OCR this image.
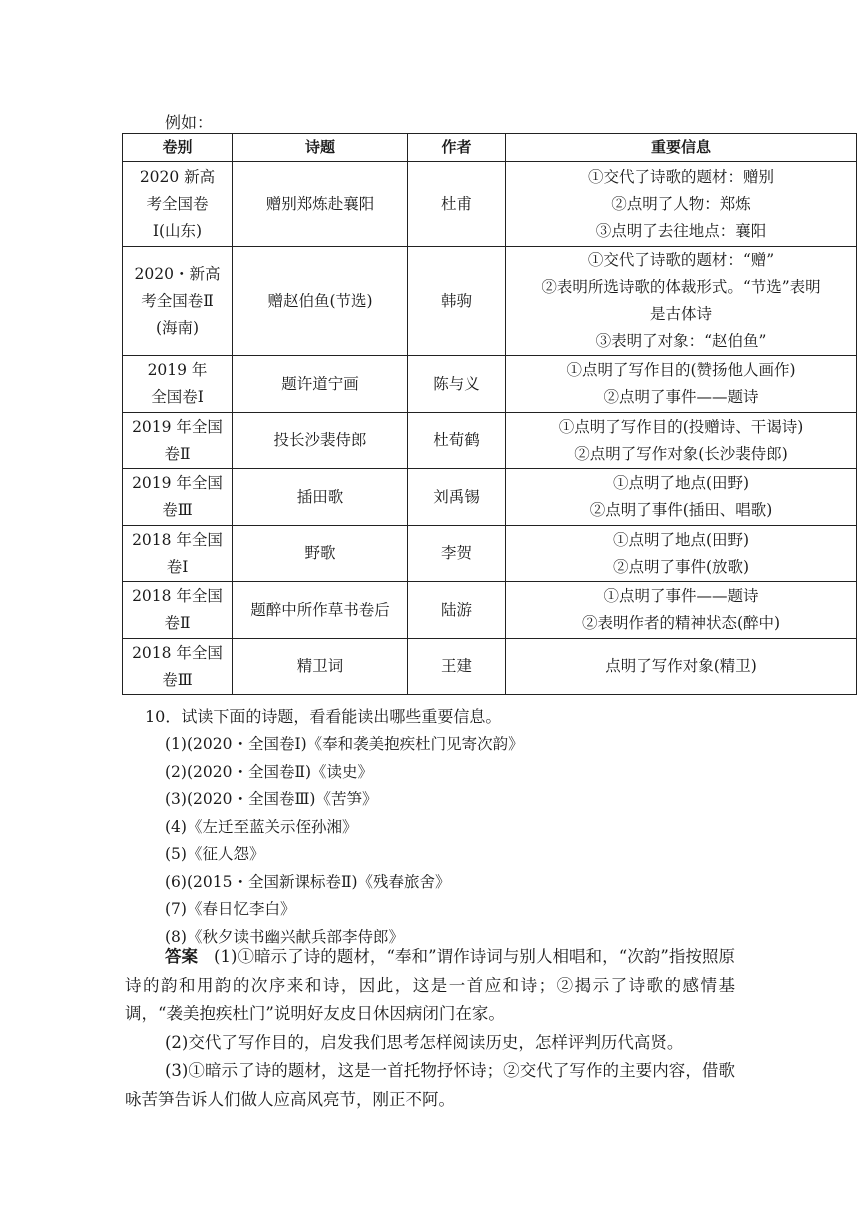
例如：
卷别	诗题	作者	重要信息

2020 新高
考全国卷
Ⅰ(山东)	赠别郑炼赴襄阳	杜甫	①交代了诗歌的题材：赠别
②点明了人物：郑炼
③点明了去往地点：襄阳

2020・新高
考全国卷Ⅱ
(海南)	赠赵伯鱼(节选)	韩驹	①交代了诗歌的题材：“赠”
②表明所选诗歌的体裁形式。“节选”表明
是古体诗
③表明了对象：“赵伯鱼”

2019 年
全国卷Ⅰ	题许道宁画	陈与义	①点明了写作目的(赞扬他人画作)
②点明了事件——题诗

2019 年全国
卷Ⅱ	投长沙裴侍郎	杜荀鹤	①点明了写作目的(投赠诗、干谒诗)
②点明了写作对象(长沙裴侍郎)

2019 年全国
卷Ⅲ	插田歌	刘禹锡	①点明了地点(田野)
②点明了事件(插田、唱歌)

2018 年全国
卷Ⅰ	野歌	李贺	①点明了地点(田野)
②点明了事件(放歌)

2018 年全国
卷Ⅱ	题醉中所作草书卷后	陆游	①点明了事件——题诗
②表明作者的精神状态(醉中)

2018 年全国
卷Ⅲ	精卫词	王建	点明了写作对象(精卫)
10．试读下面的诗题，看看能读出哪些重要信息。
(1)(2020・全国卷Ⅰ)《奉和袭美抱疾杜门见寄次韵》
(2)(2020・全国卷Ⅱ)《读史》
(3)(2020・全国卷Ⅲ)《苦笋》
(4)《左迁至蓝关示侄孙湘》
(5)《征人怨》
(6)(2015・全国新课标卷Ⅱ)《残春旅舍》
(7)《春日忆李白》
(8)《秋夕读书幽兴献兵部李侍郎》

答案 (1)①暗示了诗的题材，“奉和”谓作诗词与别人相唱和，“次韵”指按照原诗的韵和用韵的次序来和诗，因此，这是一首应和诗；②揭示了诗歌的感情基调，“袭美抱疾杜门”说明好友皮日休因病闭门在家。

(2)交代了写作目的，启发我们思考怎样阅读历史，怎样评判历代高贤。

(3)①暗示了诗的题材，这是一首托物抒怀诗；②交代了写作的主要内容，借歌咏苦笋告诉人们做人应高风亮节，刚正不阿。
